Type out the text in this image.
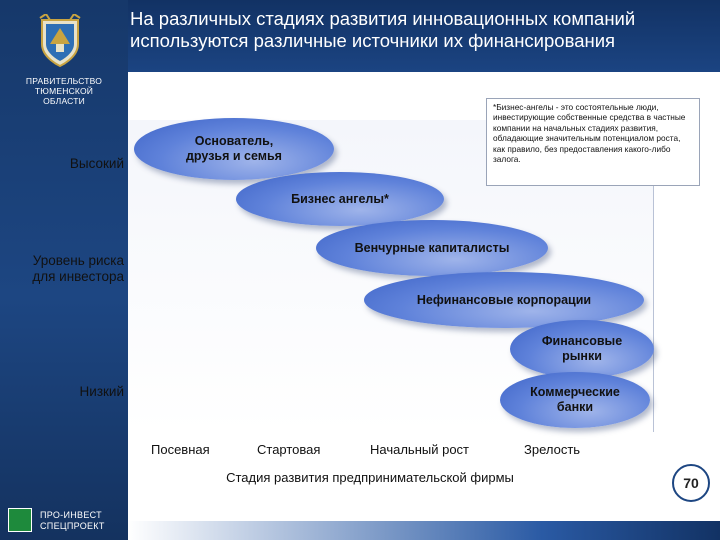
На различных стадиях развития инновационных компаний
используются различные источники их финансирования
ПРАВИТЕЛЬСТВО
ТЮМЕНСКОЙ
ОБЛАСТИ
Высокий
Уровень риска
для инвестора
Низкий
Основатель,
друзья и семья
Бизнес ангелы*
Венчурные капиталисты
Нефинансовые корпорации
Финансовые
рынки
Коммерческие
банки
*Бизнес-ангелы - это состоятельные люди, инвестирующие собственные средства в частные компании на начальных стадиях развития, обладающие значительным потенциалом роста, как правило, без предоставления какого-либо залога.
Посевная	Стартовая	Начальный рост	Зрелость
Стадия развития предпринимательской фирмы	70
ПРО-ИНВЕСТ
СПЕЦПРОЕКТ
